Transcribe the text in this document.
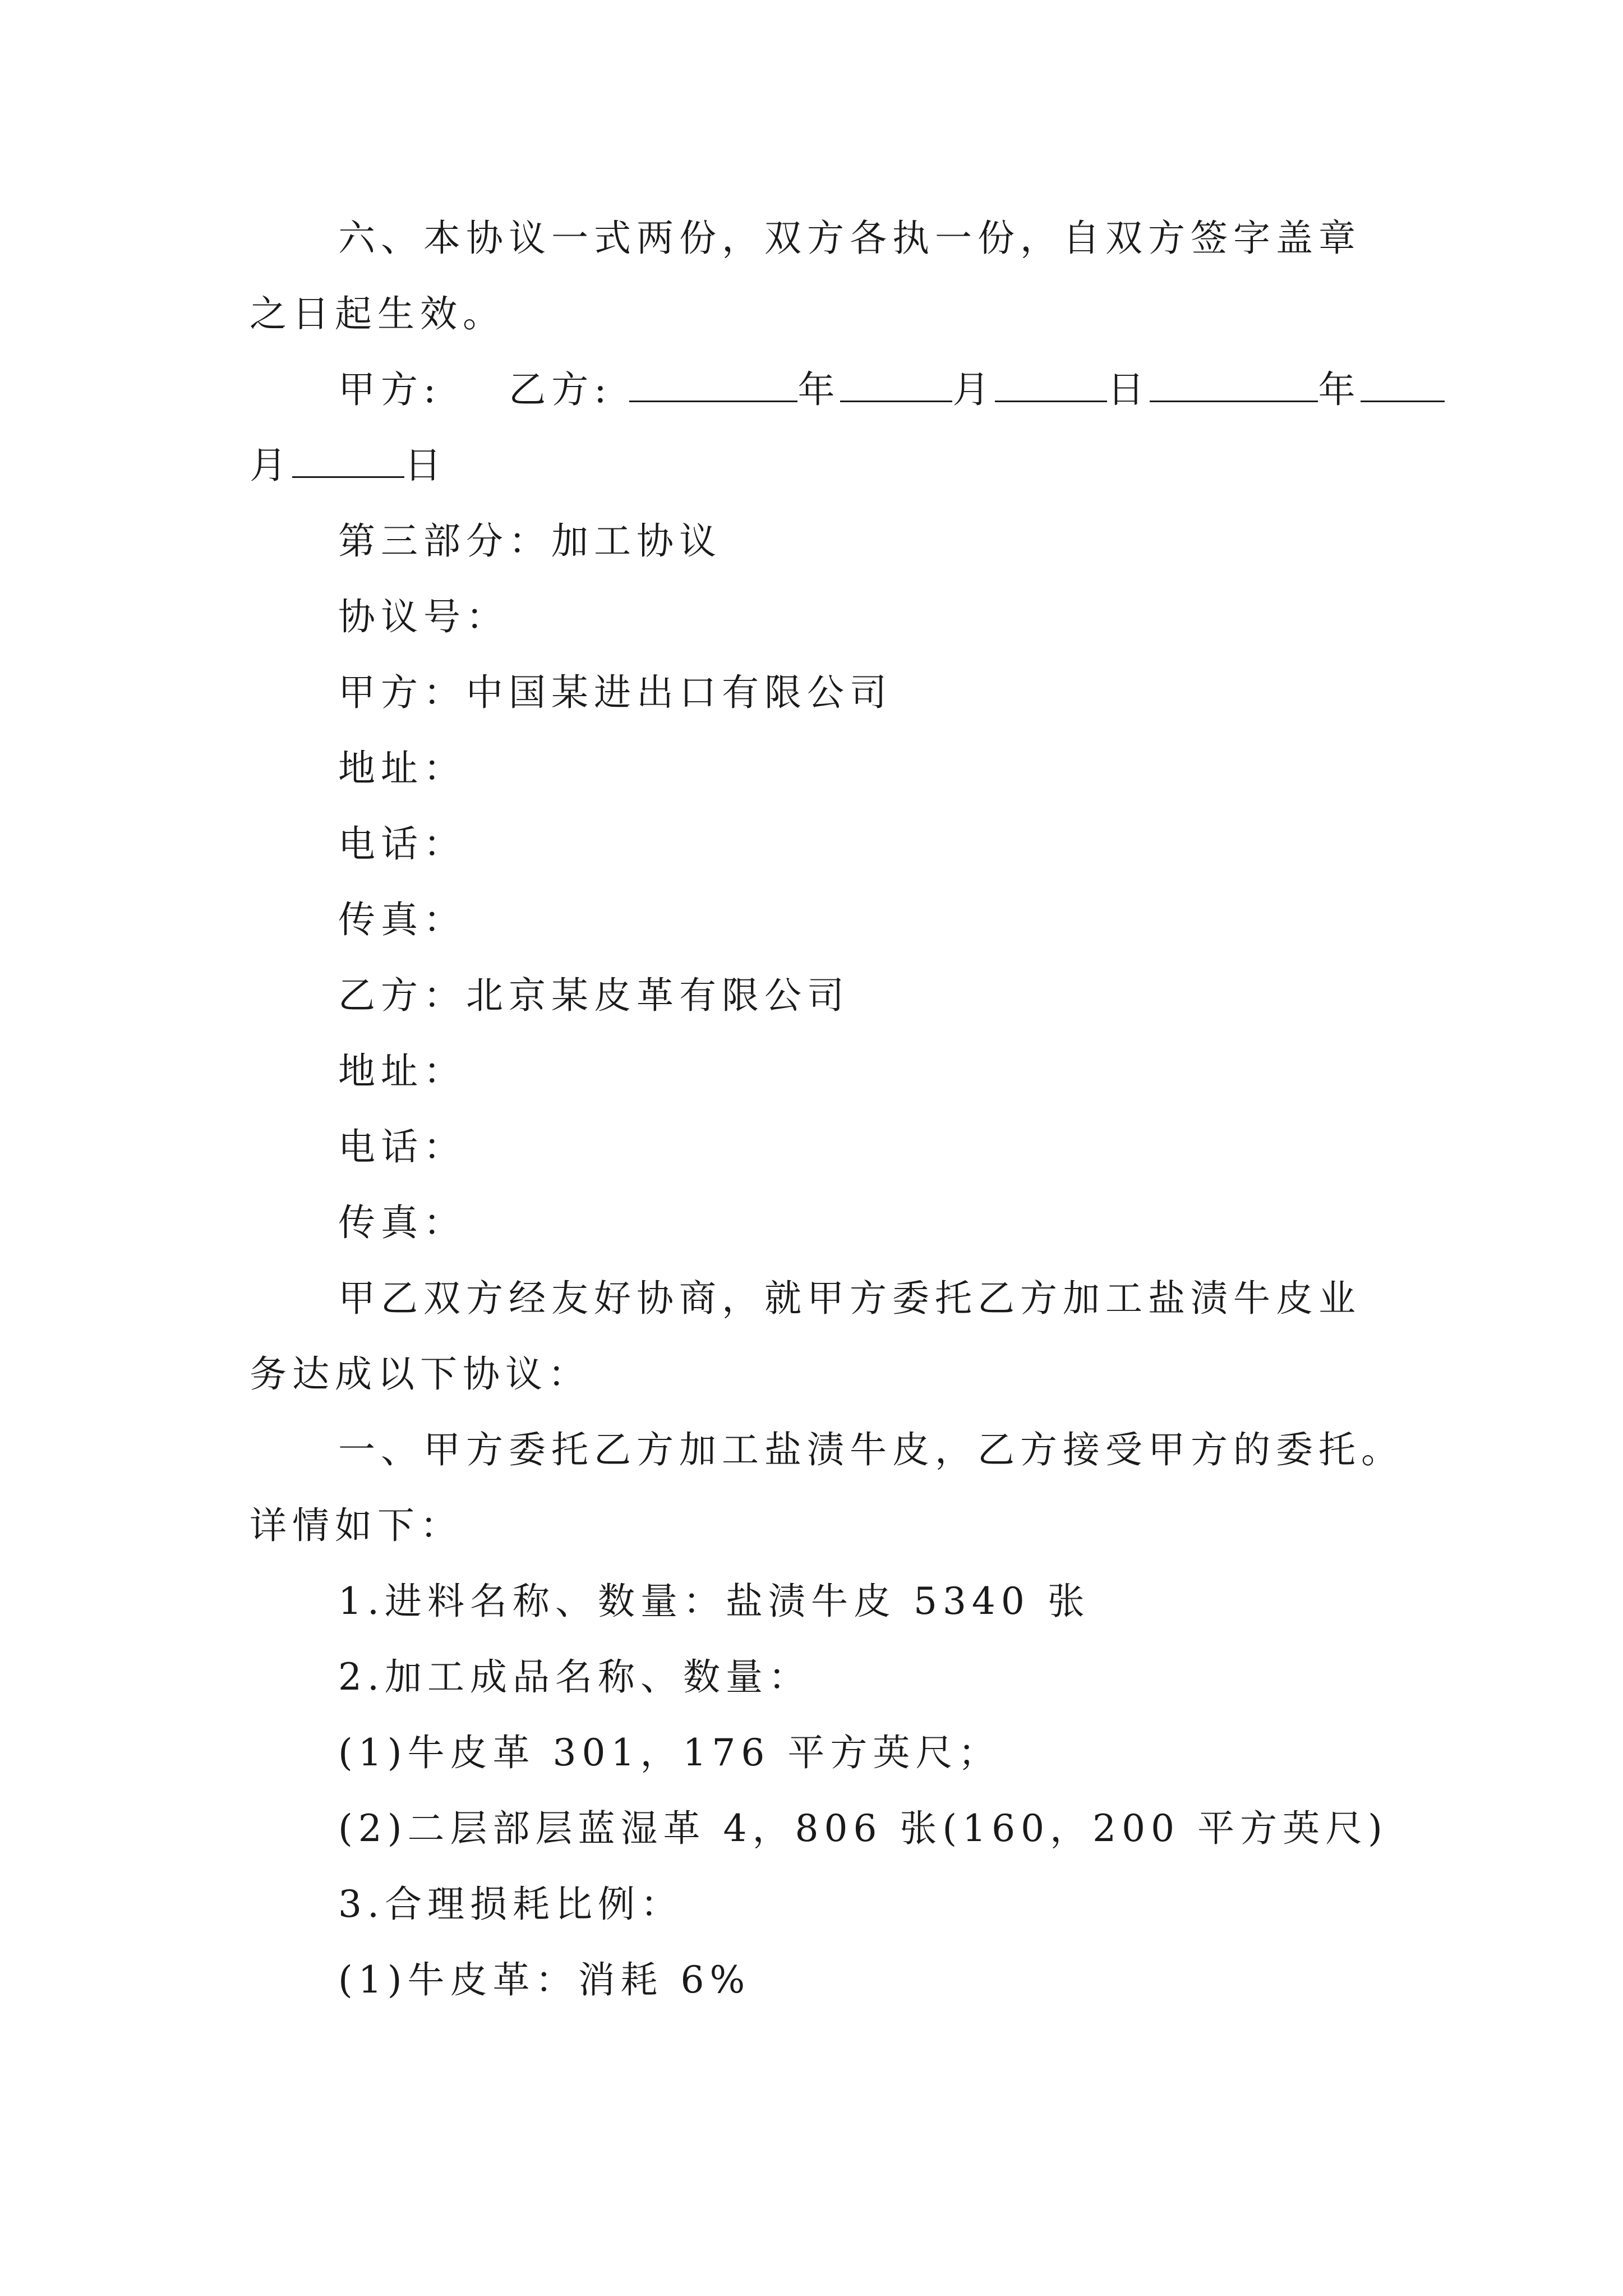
六、本协议一式两份，双方各执一份，自双方签字盖章
之日起生效。
甲方: 乙方:	年	月	日	年
月	日
第三部分：加工协议
协议号：
甲方：中国某进出口有限公司
地址：
电话：
传真：
乙方：北京某皮革有限公司
地址：
电话：
传真：
甲乙双方经友好协商，就甲方委托乙方加工盐渍牛皮业
务达成以下协议：
一、甲方委托乙方加工盐渍牛皮，乙方接受甲方的委托。
详情如下：
1.进料名称、数量：盐渍牛皮 5340 张
2.加工成品名称、数量：
(1)牛皮革 301，176 平方英尺；
(2)二层部层蓝湿革 4，806 张(160，200 平方英尺)
3.合理损耗比例：
(1)牛皮革：消耗 6%
